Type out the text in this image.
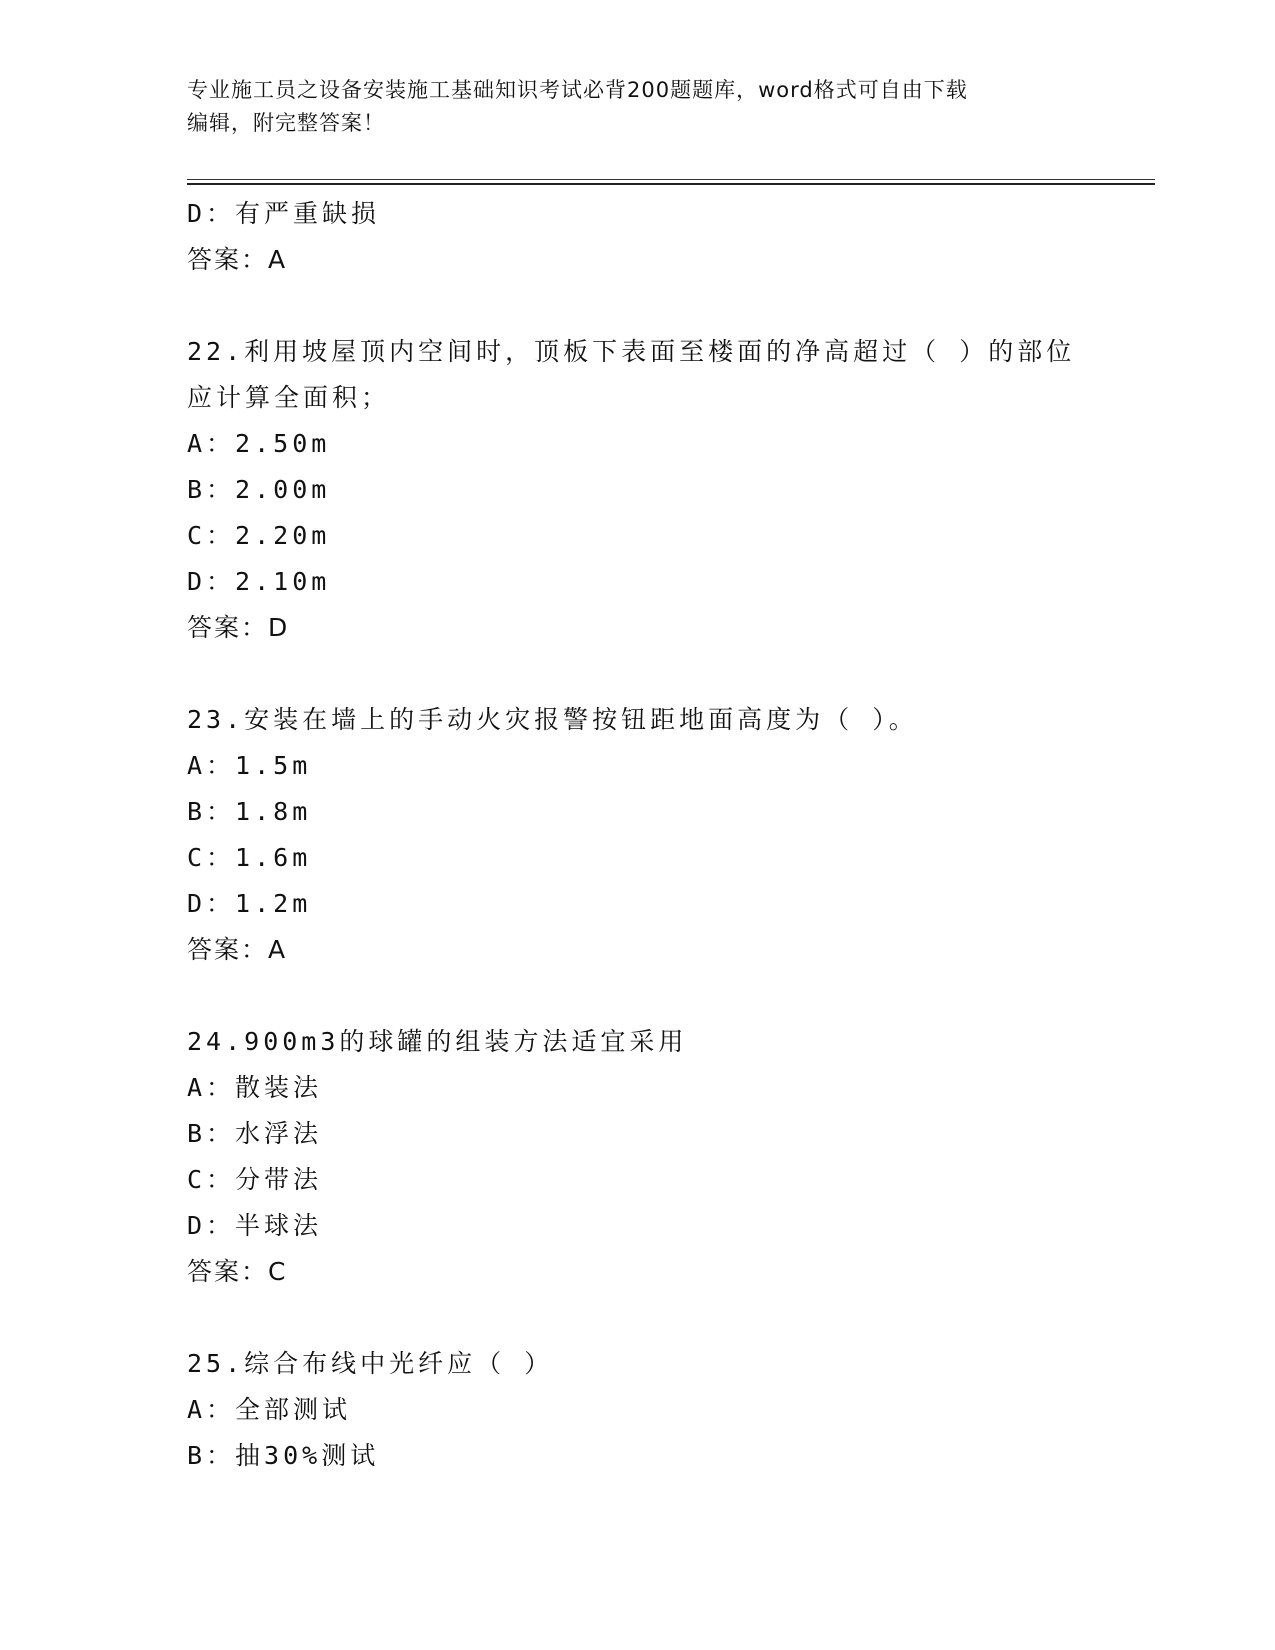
专业施工员之设备安装施工基础知识考试必背200题题库，word格式可自由下载
编辑，附完整答案！
D：有严重缺损
答案：A
22.利用坡屋顶内空间时，顶板下表面至楼面的净高超过（ ）的部位
应计算全面积；
A：2.50m
B：2.00m
C：2.20m
D：2.10m
答案：D
23.安装在墙上的手动火灾报警按钮距地面高度为（ ）。
A：1.5m
B：1.8m
C：1.6m
D：1.2m
答案：A
24.900m3的球罐的组装方法适宜采用
A：散装法
B：水浮法
C：分带法
D：半球法
答案：C
25.综合布线中光纤应（ ）
A：全部测试
B：抽30%测试
